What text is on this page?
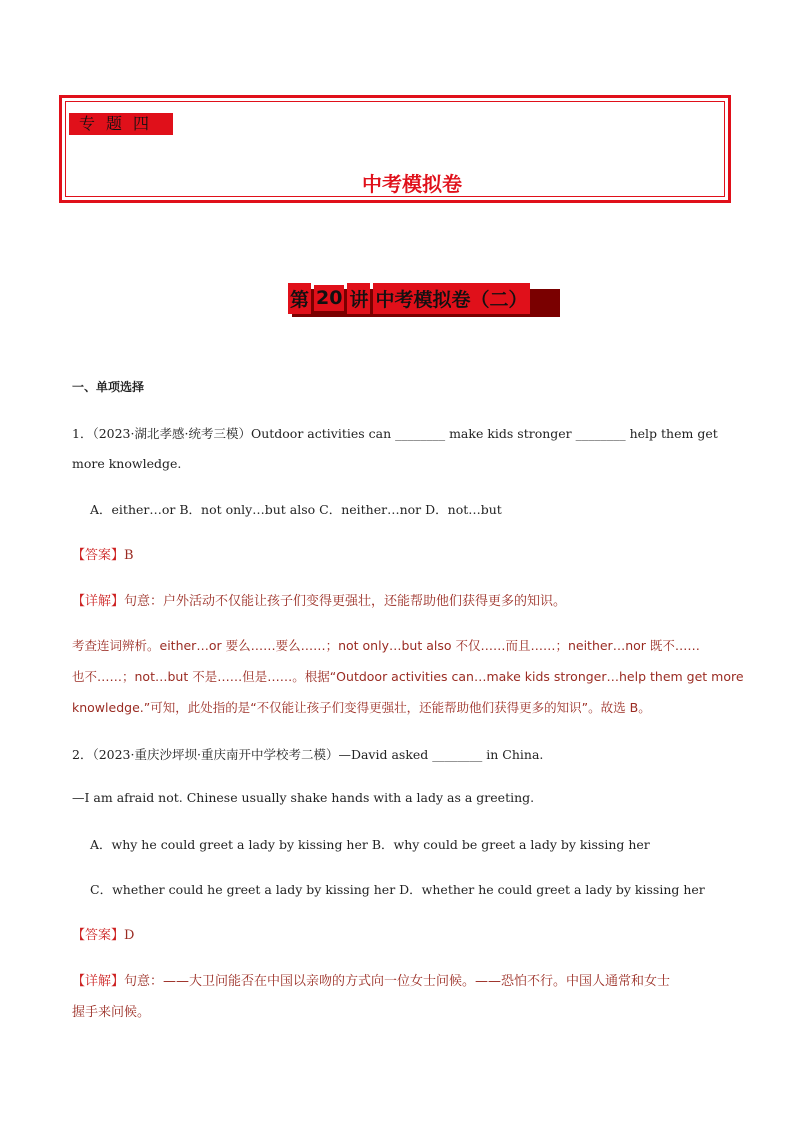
专题四
中考模拟卷
第 20 讲 中考模拟卷（二）
一、单项选择
1．（2023·湖北孝感·统考三模）Outdoor activities can ________ make kids stronger ________ help them get
more knowledge.
A．either…or B．not only…but also C．neither…nor D．not…but
【答案】B
【详解】句意：户外活动不仅能让孩子们变得更强壮，还能帮助他们获得更多的知识。
考查连词辨析。either…or 要么……要么……；not only…but also 不仅……而且……；neither…nor 既不……
也不……；not…but 不是……但是……。根据“Outdoor activities can…make kids stronger…help them get more
knowledge.”可知，此处指的是“不仅能让孩子们变得更强壮，还能帮助他们获得更多的知识”。故选 B。
2．（2023·重庆沙坪坝·重庆南开中学校考二模）—David asked ________ in China.
—I am afraid not. Chinese usually shake hands with a lady as a greeting.
A．why he could greet a lady by kissing her B．why could be greet a lady by kissing her
C．whether could he greet a lady by kissing her D．whether he could greet a lady by kissing her
【答案】D
【详解】句意：——大卫问能否在中国以亲吻的方式向一位女士问候。——恐怕不行。中国人通常和女士
握手来问候。
